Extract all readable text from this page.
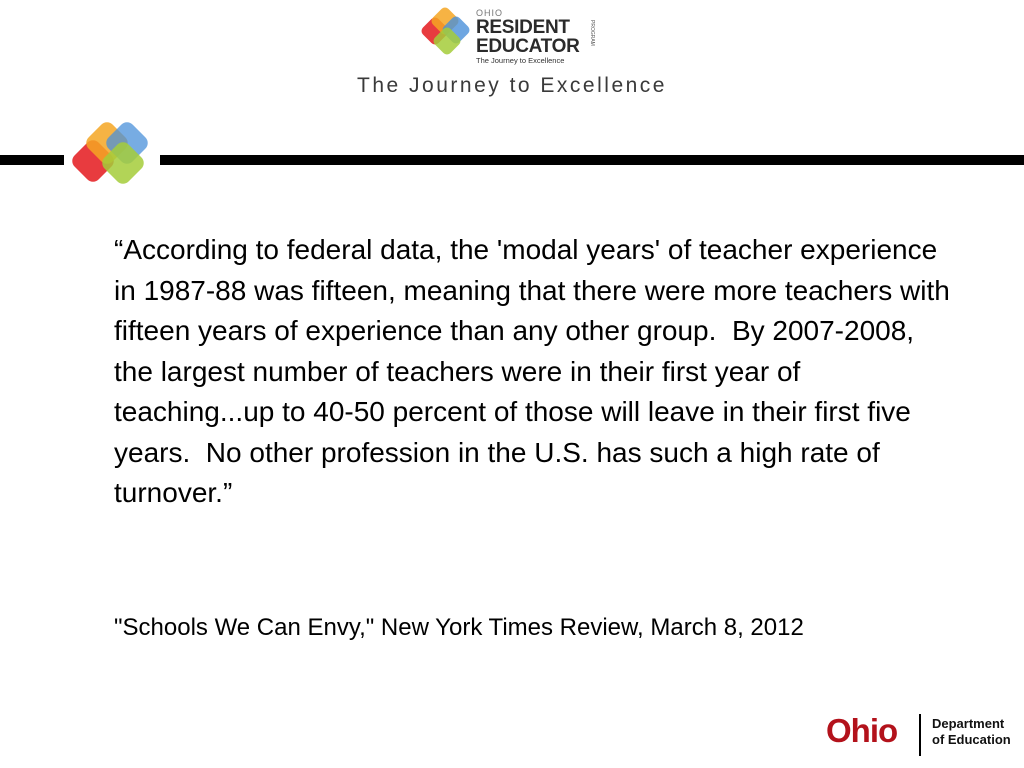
OHIO
RESIDENT
EDUCATOR
The Journey to Excellence
PROGRAM
The Journey to Excellence

“According to federal data, the 'modal years' of teacher experience in 1987-88 was fifteen, meaning that there were more teachers with fifteen years of experience than any other group.  By 2007-2008, the largest number of teachers were in their first year of teaching...up to 40-50 percent of those will leave in their first five years.  No other profession in the U.S. has such a high rate of turnover.”

"Schools We Can Envy," New York Times Review, March 8, 2012

Ohio	Department
of Education
